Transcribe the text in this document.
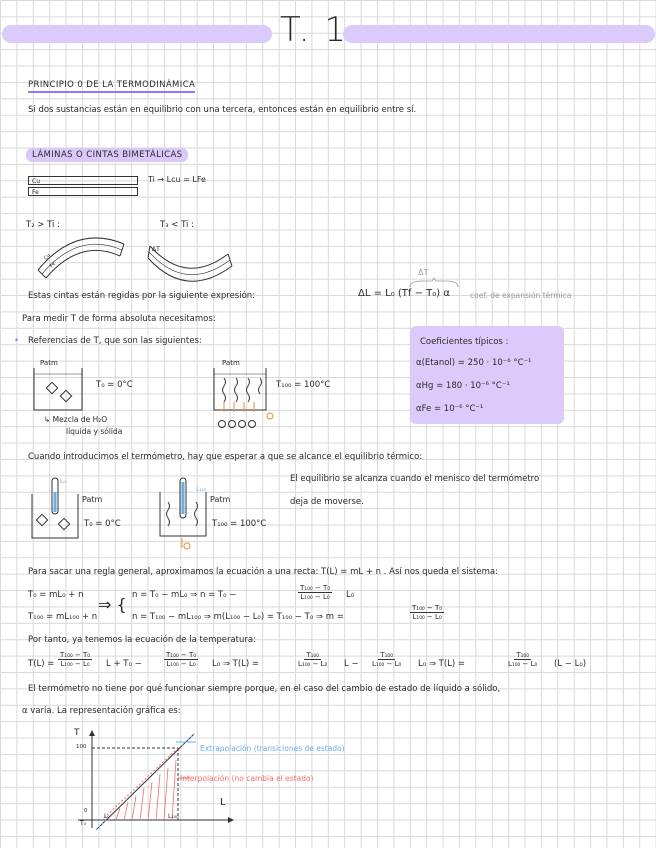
T. 1
PRINCIPIO 0 DE LA TERMODINÁMICA
Si dos sustancias están en equilibrio con una tercera, entonces están en equilibrio entre sí.
LÁMINAS O CINTAS BIMETÁLICAS
Cu
Fe
Ti → Lcu = LFe
T₂ > Ti :	T₃ < Ti :
Cu
Fe
ΔT
Estas cintas están regidas por la siguiente expresión:	ΔL = L₀ (Tf − T₀) α
ΔT
coef. de expansión térmica
Para medir T de forma absoluta necesitamos:
• Referencias de T, que son las siguientes:	Coeficientes típicos :
α(Etanol) = 250 · 10⁻⁶ °C⁻¹
αHg = 180 · 10⁻⁶ °C⁻¹
αFe = 10⁻⁶ °C⁻¹
Patm
T₀ = 0°C
↳ Mezcla de H₂O
líquida y sólida
Patm
T₁₀₀ = 100°C
Cuando introducimos el termómetro, hay que esperar a que se alcance el equilibrio térmico:
El equilibrio se alcanza cuando el menisco del termómetro
deja de moverse.
Patm
T₀ = 0°C
L₁₀₀
L₀
Patm
T₁₀₀ = 100°C
Para sacar una regla general, aproximamos la ecuación a una recta: T(L) = mL + n . Así nos queda el sistema:
T₀ = mL₀ + n
T₁₀₀ = mL₁₀₀ + n
⇒ { n = T₀ − mL₀ ⇒ n = T₀ −	$\frac{\text{T₁₀₀ − T₀}}{\text{L₁₀₀ − L₀}} L_0$
n = T₁₀₀ − mL₁₀₀ ⇒ m(L₁₀₀ − L₀) = T₁₀₀ − T₀ ⇒ m =	$\frac{\text{T₁₀₀ − T₀}}{\text{L₁₀₀ − L₀}}$
Por tanto, ya tenemos la ecuación de la temperatura:
$T(L) = \frac{\text{T₁₀₀ − T₀}}{\text{L₁₀₀ − L₀}}$ L + T₀ −	$\frac{\text{T₁₀₀ − T₀}}{\text{L₁₀₀ − L₀}} L_0$ ⇒ T(L) =	$\frac{\text{T₁₀₀}}{\text{L₁₀₀ − L₀}}$ $L - \frac{\text{T₁₀₀}}{\text{L₁₀₀ − L₀}} L_0$ ⇒ T(L) =	$\frac{\text{T₁₀₀}}{\text{L₁₀₀ − L₀}} (L - L_0)$
El termómetro no tiene por qué funcionar siempre porque, en el caso del cambio de estado de líquido a sólido,
α varía. La representación gráfica es:
T
L
100
0
T₀
L₀	L₁₀₀
Extrapolación (transiciones de estado)
Interpolación (no cambia el estado)
